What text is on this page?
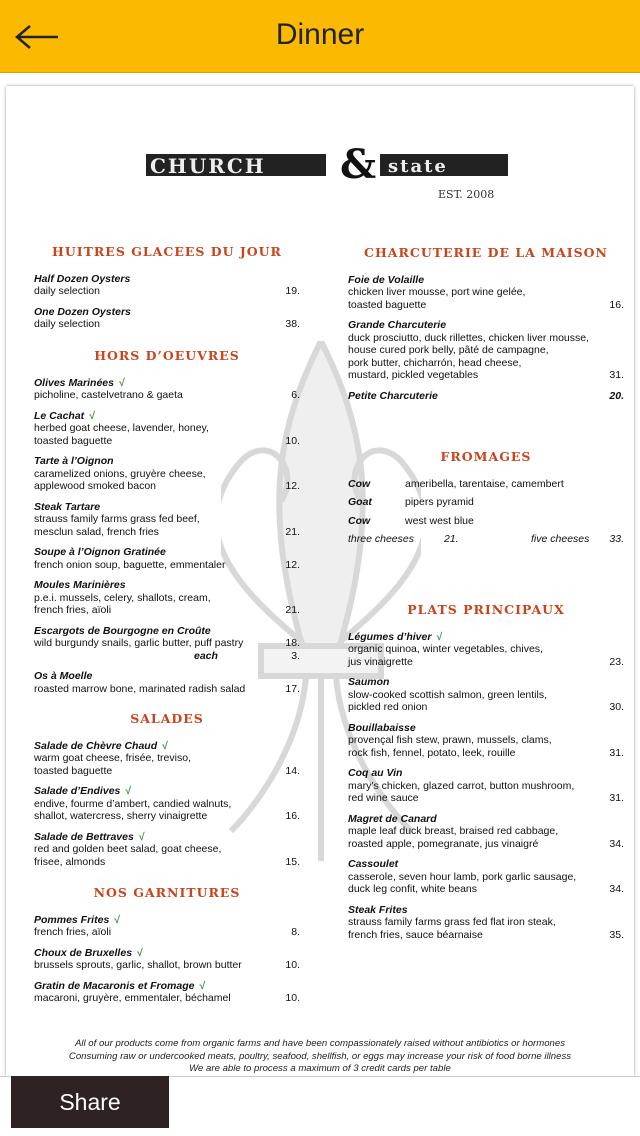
Dinner
CHURCH & state
EST. 2008
HUITRES GLACEES DU JOUR
Half Dozen Oysters
daily selection	19.
One Dozen Oysters
daily selection	38.
HORS D’OEUVRES
Olives Marinées √
picholine, castelvetrano & gaeta	6.
Le Cachat √
herbed goat cheese, lavender, honey,
toasted baguette	10.
Tarte à l’Oignon
caramelized onions, gruyère cheese,
applewood smoked bacon	12.
Steak Tartare
strauss family farms grass fed beef,
mesclun salad, french fries	21.
Soupe à l’Oignon Gratinée
french onion soup, baguette, emmentaler	12.
Moules Marinières
p.e.i. mussels, celery, shallots, cream,
french fries, aïoli	21.
Escargots de Bourgogne en Croûte
wild burgundy snails, garlic butter, puff pastry	18.
each	3.
Os à Moelle
roasted marrow bone, marinated radish salad	17.
SALADES
Salade de Chèvre Chaud √
warm goat cheese, frisée, treviso,
toasted baguette	14.
Salade d’Endives √
endive, fourme d’ambert, candied walnuts,
shallot, watercress, sherry vinaigrette	16.
Salade de Bettraves √
red and golden beet salad, goat cheese,
frisee, almonds	15.
NOS GARNITURES
Pommes Frites √
french fries, aïoli	8.
Choux de Bruxelles √
brussels sprouts, garlic, shallot, brown butter	10.
Gratin de Macaronis et Fromage √
macaroni, gruyère, emmentaler, béchamel	10.
CHARCUTERIE DE LA MAISON
Foie de Volaille
chicken liver mousse, port wine gelée,
toasted baguette	16.
Grande Charcuterie
duck prosciutto, duck rillettes, chicken liver mousse,
house cured pork belly, pâté de campagne,
pork butter, chicharrón, head cheese,
mustard, pickled vegetables	31.
Petite Charcuterie	20.
FROMAGES
Cow	ameribella, tarentaise, camembert
Goat	pipers pyramid
Cow	west west blue
three cheeses	21.	five cheeses 33.
PLATS PRINCIPAUX
Légumes d’hiver √
organic quinoa, winter vegetables, chives,
jus vinaigrette	23.
Saumon
slow-cooked scottish salmon, green lentils,
pickled red onion	30.
Bouillabaisse
provençal fish stew, prawn, mussels, clams,
rock fish, fennel, potato, leek, rouille	31.
Coq au Vin
mary’s chicken, glazed carrot, button mushroom,
red wine sauce	31.
Magret de Canard
maple leaf duck breast, braised red cabbage,
roasted apple, pomegranate, jus vinaigré	34.
Cassoulet
casserole, seven hour lamb, pork garlic sausage,
duck leg confit, white beans	34.
Steak Frites
strauss family farms grass fed flat iron steak,
french fries, sauce béarnaise	35.
All of our products come from organic farms and have been compassionately raised without antibiotics or hormones
Consuming raw or undercooked meats, poultry, seafood, shellfish, or eggs may increase your risk of food borne illness
We are able to process a maximum of 3 credit cards per table
Share
